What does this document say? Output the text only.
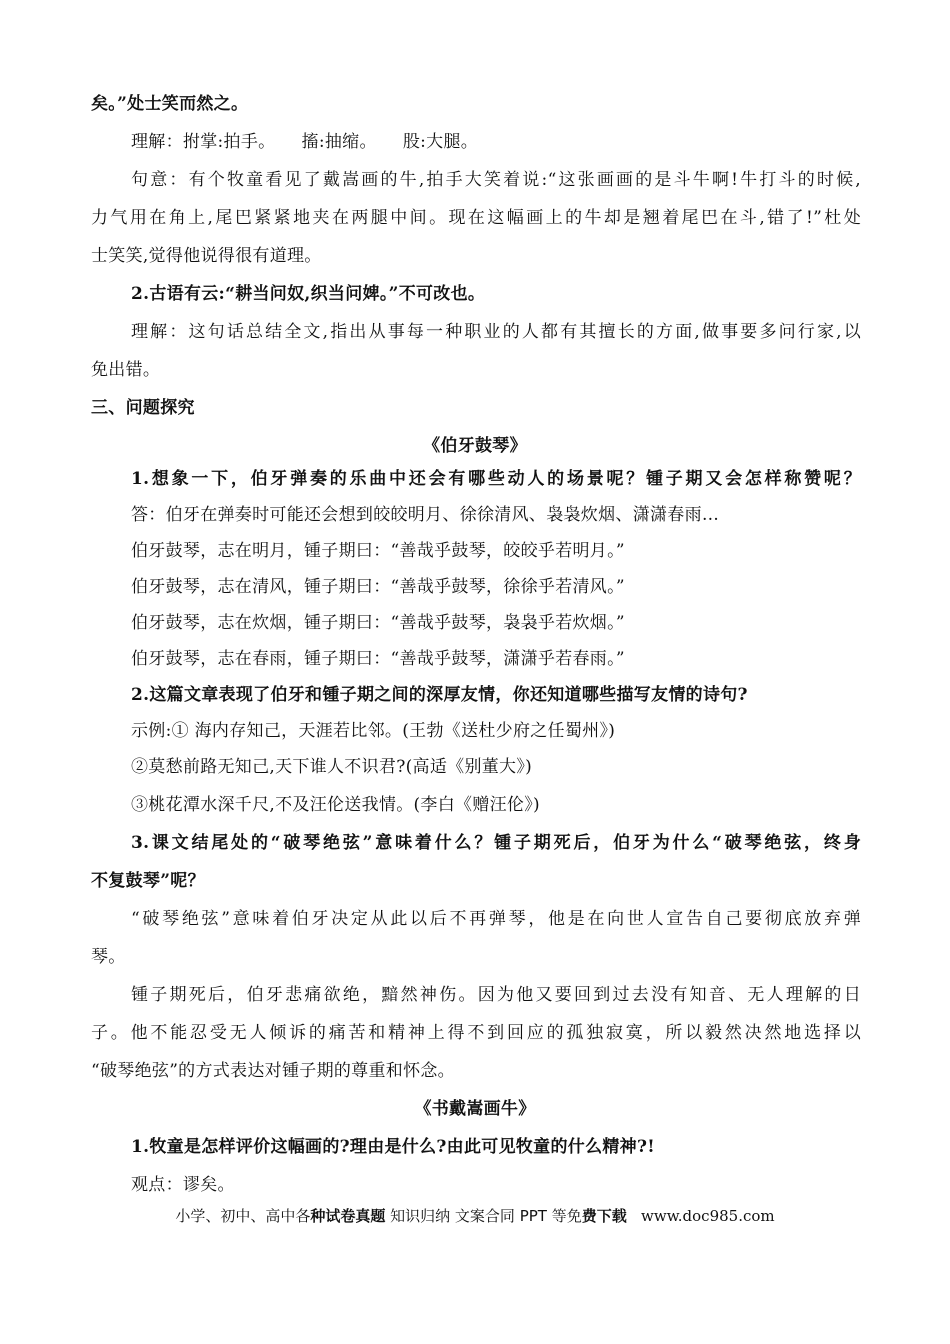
矣。”处士笑而然之。
理解：拊掌:拍手。　　搐:抽缩。　　股:大腿。
句意：有个牧童看见了戴嵩画的牛,拍手大笑着说:“这张画画的是斗牛啊!牛打斗的时候,
力气用在角上,尾巴紧紧地夹在两腿中间。现在这幅画上的牛却是翘着尾巴在斗,错了!”杜处
士笑笑,觉得他说得很有道理。
2.古语有云:“耕当问奴,织当问婢。”不可改也。
理解：这句话总结全文,指出从事每一种职业的人都有其擅长的方面,做事要多问行家,以
免出错。
三、问题探究
《伯牙鼓琴》
1.想象一下，伯牙弹奏的乐曲中还会有哪些动人的场景呢？锺子期又会怎样称赞呢？
答：伯牙在弹奏时可能还会想到皎皎明月、徐徐清风、袅袅炊烟、潇潇春雨…
伯牙鼓琴，志在明月，锺子期曰：“善哉乎鼓琴，皎皎乎若明月。”
伯牙鼓琴，志在清风，锺子期曰：“善哉乎鼓琴，徐徐乎若清风。”
伯牙鼓琴，志在炊烟，锺子期曰：“善哉乎鼓琴，袅袅乎若炊烟。”
伯牙鼓琴，志在春雨，锺子期曰：“善哉乎鼓琴，潇潇乎若春雨。”
2.这篇文章表现了伯牙和锺子期之间的深厚友情，你还知道哪些描写友情的诗句?
示例:① 海内存知己，天涯若比邻。(王勃《送杜少府之任蜀州》)
②莫愁前路无知己,天下谁人不识君?(高适《别董大》)
③桃花潭水深千尺,不及汪伦送我情。(李白《赠汪伦》)
3.课文结尾处的“破琴绝弦”意味着什么？锺子期死后，伯牙为什么“破琴绝弦，终身
不复鼓琴”呢？
“破琴绝弦”意味着伯牙决定从此以后不再弹琴，他是在向世人宣告自己要彻底放弃弹
琴。
锺子期死后，伯牙悲痛欲绝，黯然神伤。因为他又要回到过去没有知音、无人理解的日
子。他不能忍受无人倾诉的痛苦和精神上得不到回应的孤独寂寞，所以毅然决然地选择以
“破琴绝弦”的方式表达对锺子期的尊重和怀念。
《书戴嵩画牛》
1.牧童是怎样评价这幅画的?理由是什么?由此可见牧童的什么精神?!
观点：谬矣。
小学、初中、高中各种试卷真题 知识归纳 文案合同 PPT 等免费下载   www.doc985.com
